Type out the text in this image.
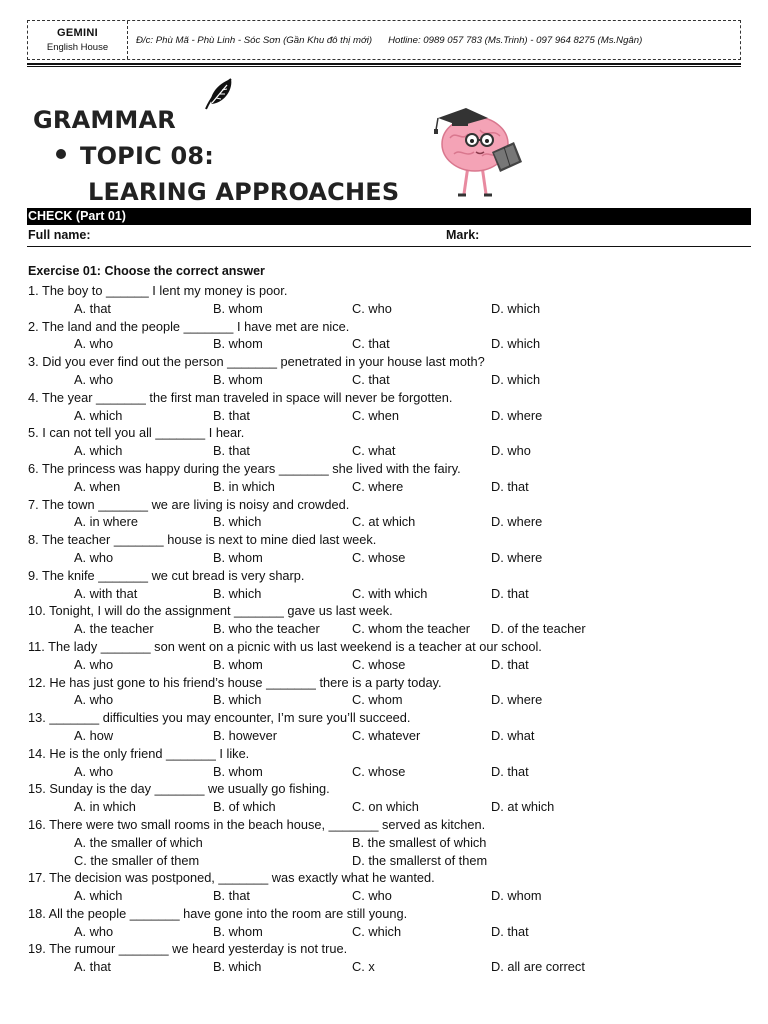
GEMINI
English House
Đ/c: Phù Mã - Phù Linh - Sóc Sơn (Gần Khu đô thị mới) Hotline: 0989 057 783 (Ms.Trinh) - 097 964 8275 (Ms.Ngân)
GRAMMAR
TOPIC 08:
LEARING APPROACHES
CHECK (Part 01)
Full name:	Mark:
Exercise 01: Choose the correct answer
1. The boy to ______ I lent my money is poor.
A. that	B. whom	C. who	D. which
2. The land and the people _______ I have met are nice.
A. who	B. whom	C. that	D. which
3. Did you ever find out the person _______ penetrated in your house last moth?
A. who	B. whom	C. that	D. which
4. The year _______ the first man traveled in space will never be forgotten.
A. which	B. that	C. when	D. where
5. I can not tell you all _______ I hear.
A. which	B. that	C. what	D. who
6. The princess was happy during the years _______ she lived with the fairy.
A. when	B. in which	C. where	D. that
7. The town _______ we are living is noisy and crowded.
A. in where	B. which	C. at which	D. where
8. The teacher _______ house is next to mine died last week.
A. who	B. whom	C. whose	D. where
9. The knife _______ we cut bread is very sharp.
A. with that	B. which	C. with which	D. that
10. Tonight, I will do the assignment _______ gave us last week.
A. the teacher	B. who the teacher	C. whom the teacher D. of the teacher
11. The lady _______ son went on a picnic with us last weekend is a teacher at our school.
A. who	B. whom	C. whose	D. that
12. He has just gone to his friend’s house _______ there is a party today.
A. who	B. which	C. whom	D. where
13. _______ difficulties you may encounter, I’m sure you’ll succeed.
A. how	B. however	C. whatever	D. what
14. He is the only friend _______ I like.
A. who	B. whom	C. whose	D. that
15. Sunday is the day _______ we usually go fishing.
A. in which	B. of which	C. on which	D. at which
16. There were two small rooms in the beach house, _______ served as kitchen.
A. the smaller of which	B. the smallest of which
C. the smaller of them	D. the smallerst of them
17. The decision was postponed, _______ was exactly what he wanted.
A. which	B. that	C. who	D. whom
18. All the people _______ have gone into the room are still young.
A. who	B. whom	C. which	D. that
19. The rumour _______ we heard yesterday is not true.
A. that	B. which	C. x	D. all are correct
